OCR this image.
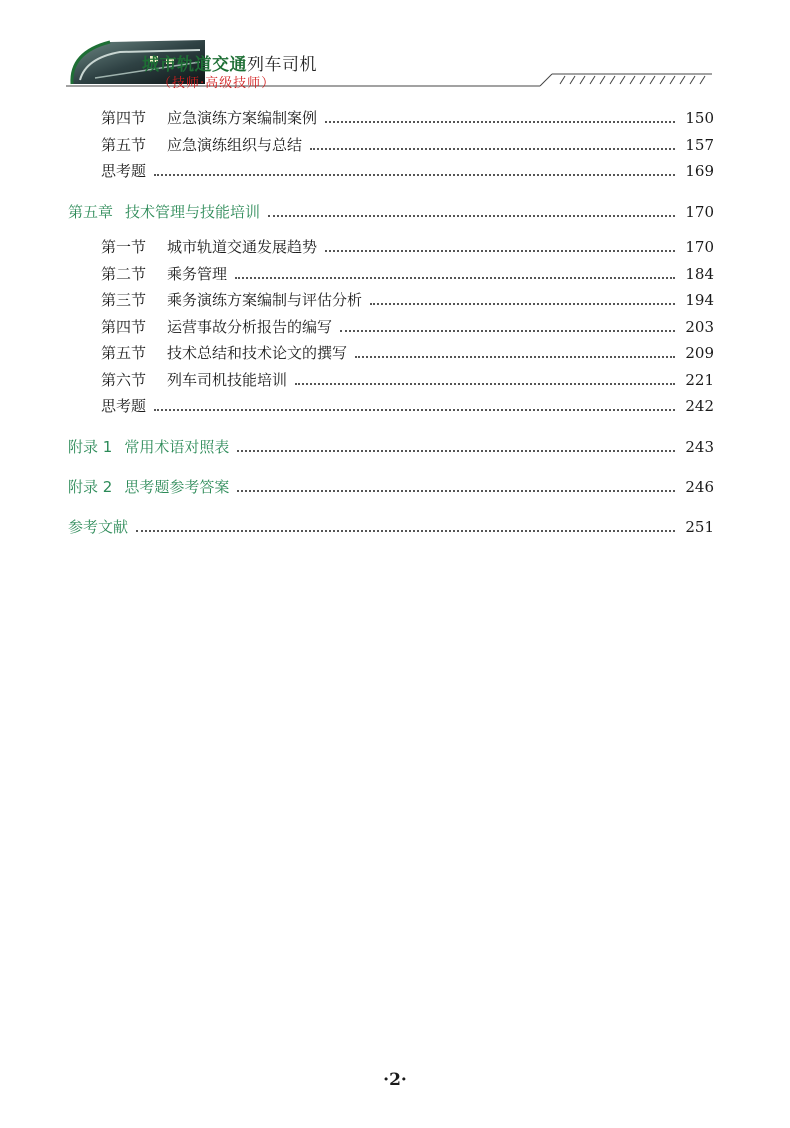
城市轨道交通列车司机
（技师·高级技师）
第四节	应急演练方案编制案例	150
第五节	应急演练组织与总结	157
思考题	169
第五章 技术管理与技能培训	170
第一节	城市轨道交通发展趋势	170
第二节	乘务管理	184
第三节	乘务演练方案编制与评估分析	194
第四节	运营事故分析报告的编写	203
第五节	技术总结和技术论文的撰写	209
第六节	列车司机技能培训	221
思考题	242
附录 1 常用术语对照表	243
附录 2 思考题参考答案	246
参考文献	251
·2·
